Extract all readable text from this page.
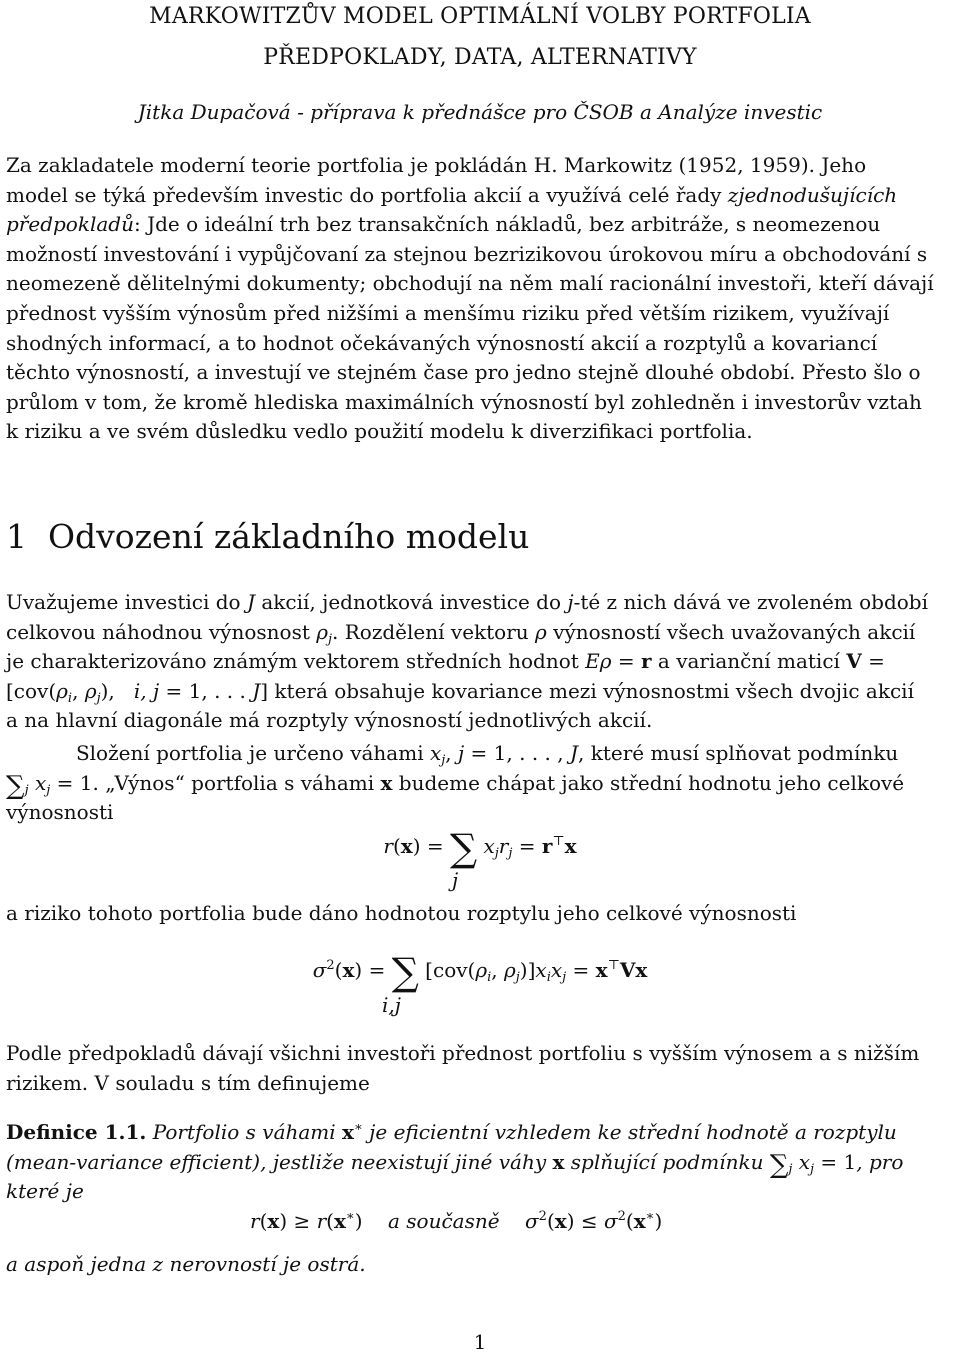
MARKOWITZŮV MODEL OPTIMÁLNÍ VOLBY PORTFOLIA
PŘEDPOKLADY, DATA, ALTERNATIVY
Jitka Dupačová - příprava k přednášce pro ČSOB a Analýze investic
Za zakladatele moderní teorie portfolia je pokládán H. Markowitz (1952, 1959). Jeho
model se týká především investic do portfolia akcií a využívá celé řady zjednodušujících
předpokladů: Jde o ideální trh bez transakčních nákladů, bez arbitráže, s neomezenou
možností investování i vypůjčovaní za stejnou bezrizikovou úrokovou míru a obchodování s
neomezeně dělitelnými dokumenty; obchodují na něm malí racionální investoři, kteří dávají
přednost vyšším výnosům před nižšími a menšímu riziku před větším rizikem, využívají
shodných informací, a to hodnot očekávaných výnosností akcií a rozptylů a kovariancí
těchto výnosností, a investují ve stejném čase pro jedno stejně dlouhé období. Přesto šlo o
průlom v tom, že kromě hlediska maximálních výnosností byl zohledněn i investorův vztah
k riziku a ve svém důsledku vedlo použití modelu k diverzifikaci portfolia.
1 Odvození základního modelu
Uvažujeme investici do J akcií, jednotková investice do j-té z nich dává ve zvoleném období
celkovou náhodnou výnosnost $\rho_j$. Rozdělení vektoru ρ výnosností všech uvažovaných akcií
je charakterizováno známým vektorem středních hodnot Eρ = r a varianční maticí V =
[$cov(\rho_i$, $\rho_j$),   i, j = 1, . . . J] která obsahuje kovariance mezi výnosnostmi všech dvojic akcií
a na hlavní diagonále má rozptyly výnosností jednotlivých akcií.
Složení portfolia je určeno váhami $x_j$, j = 1, . . . , J, které musí splňovat podmínku
$\sum_j$ $x_j = 1$. „Výnos“ portfolia s váhami x budeme chápat jako střední hodnotu jeho celkové
výnosnosti
r(x) = ∑ $x_jr_j = r^⊤x$
j
a riziko tohoto portfolia bude dáno hodnotou rozptylu jeho celkové výnosnosti
$\sigma^2(x)$ = ∑ [$cov(\rho_i$, $\rho_j)]x_ix_j = x^⊤Vx$
i,j
Podle předpokladů dávají všichni investoři přednost portfoliu s vyšším výnosem a s nižším
rizikem. V souladu s tím definujeme
Definice 1.1. Portfolio s váhami x∗ je eficientní vzhledem ke střední hodnotě a rozptylu
(mean-variance efficient), jestliže neexistují jiné váhy x splňující podmínku $\sum_j$ $x_j = 1$, pro
které je
r(x) ≥ r(x∗)    a současně $\sigma^2(x) \le \sigma^2(x^∗)$
a aspoň jedna z nerovností je ostrá.
1
